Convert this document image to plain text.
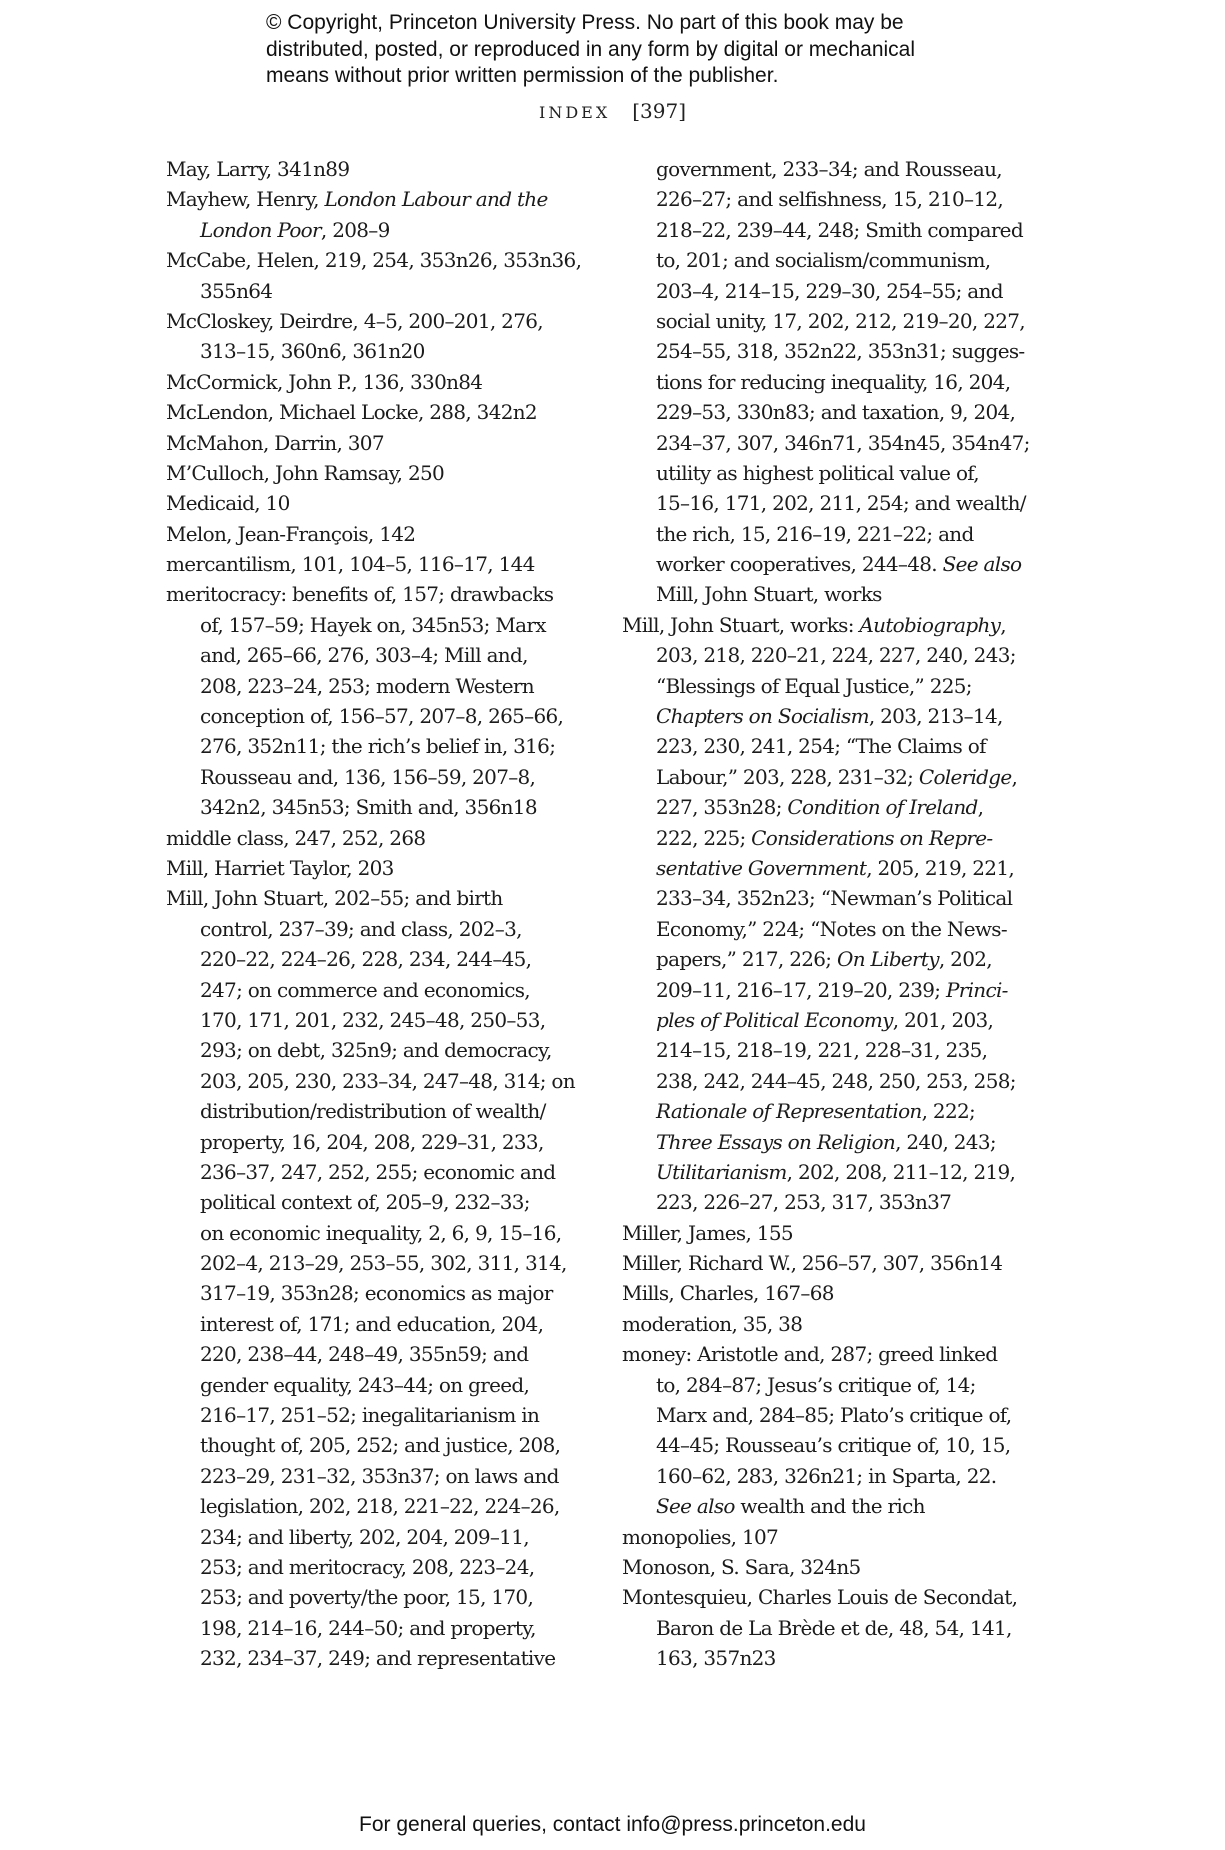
© Copyright, Princeton University Press. No part of this book may be
distributed, posted, or reproduced in any form by digital or mechanical
means without prior written permission of the publisher.
INDEX [397]
May, Larry, 341n89
Mayhew, Henry, London Labour and the
London Poor, 208–9
McCabe, Helen, 219, 254, 353n26, 353n36,
355n64
McCloskey, Deirdre, 4–5, 200–201, 276,
313–15, 360n6, 361n20
McCormick, John P., 136, 330n84
McLendon, Michael Locke, 288, 342n2
McMahon, Darrin, 307
M’Culloch, John Ramsay, 250
Medicaid, 10
Melon, Jean-François, 142
mercantilism, 101, 104–5, 116–17, 144
meritocracy: benefits of, 157; drawbacks
of, 157–59; Hayek on, 345n53; Marx
and, 265–66, 276, 303–4; Mill and,
208, 223–24, 253; modern Western
conception of, 156–57, 207–8, 265–66,
276, 352n11; the rich’s belief in, 316;
Rousseau and, 136, 156–59, 207–8,
342n2, 345n53; Smith and, 356n18
middle class, 247, 252, 268
Mill, Harriet Taylor, 203
Mill, John Stuart, 202–55; and birth
control, 237–39; and class, 202–3,
220–22, 224–26, 228, 234, 244–45,
247; on commerce and economics,
170, 171, 201, 232, 245–48, 250–53,
293; on debt, 325n9; and democracy,
203, 205, 230, 233–34, 247–48, 314; on
distribution/redistribution of wealth/
property, 16, 204, 208, 229–31, 233,
236–37, 247, 252, 255; economic and
political context of, 205–9, 232–33;
on economic inequality, 2, 6, 9, 15–16,
202–4, 213–29, 253–55, 302, 311, 314,
317–19, 353n28; economics as major
interest of, 171; and education, 204,
220, 238–44, 248–49, 355n59; and
gender equality, 243–44; on greed,
216–17, 251–52; inegalitarianism in
thought of, 205, 252; and justice, 208,
223–29, 231–32, 353n37; on laws and
legislation, 202, 218, 221–22, 224–26,
234; and liberty, 202, 204, 209–11,
253; and meritocracy, 208, 223–24,
253; and poverty/the poor, 15, 170,
198, 214–16, 244–50; and property,
232, 234–37, 249; and representative
government, 233–34; and Rousseau,
226–27; and selfishness, 15, 210–12,
218–22, 239–44, 248; Smith compared
to, 201; and socialism/communism,
203–4, 214–15, 229–30, 254–55; and
social unity, 17, 202, 212, 219–20, 227,
254–55, 318, 352n22, 353n31; sugges-
tions for reducing inequality, 16, 204,
229–53, 330n83; and taxation, 9, 204,
234–37, 307, 346n71, 354n45, 354n47;
utility as highest political value of,
15–16, 171, 202, 211, 254; and wealth/
the rich, 15, 216–19, 221–22; and
worker cooperatives, 244–48. See also
Mill, John Stuart, works
Mill, John Stuart, works: Autobiography,
203, 218, 220–21, 224, 227, 240, 243;
“Blessings of Equal Justice,” 225;
Chapters on Socialism, 203, 213–14,
223, 230, 241, 254; “The Claims of
Labour,” 203, 228, 231–32; Coleridge,
227, 353n28; Condition of Ireland,
222, 225; Considerations on Repre-
sentative Government, 205, 219, 221,
233–34, 352n23; “Newman’s Political
Economy,” 224; “Notes on the News-
papers,” 217, 226; On Liberty, 202,
209–11, 216–17, 219–20, 239; Princi-
ples of Political Economy, 201, 203,
214–15, 218–19, 221, 228–31, 235,
238, 242, 244–45, 248, 250, 253, 258;
Rationale of Representation, 222;
Three Essays on Religion, 240, 243;
Utilitarianism, 202, 208, 211–12, 219,
223, 226–27, 253, 317, 353n37
Miller, James, 155
Miller, Richard W., 256–57, 307, 356n14
Mills, Charles, 167–68
moderation, 35, 38
money: Aristotle and, 287; greed linked
to, 284–87; Jesus’s critique of, 14;
Marx and, 284–85; Plato’s critique of,
44–45; Rousseau’s critique of, 10, 15,
160–62, 283, 326n21; in Sparta, 22.
See also wealth and the rich
monopolies, 107
Monoson, S. Sara, 324n5
Montesquieu, Charles Louis de Secondat,
Baron de La Brède et de, 48, 54, 141,
163, 357n23
For general queries, contact info@press.princeton.edu
